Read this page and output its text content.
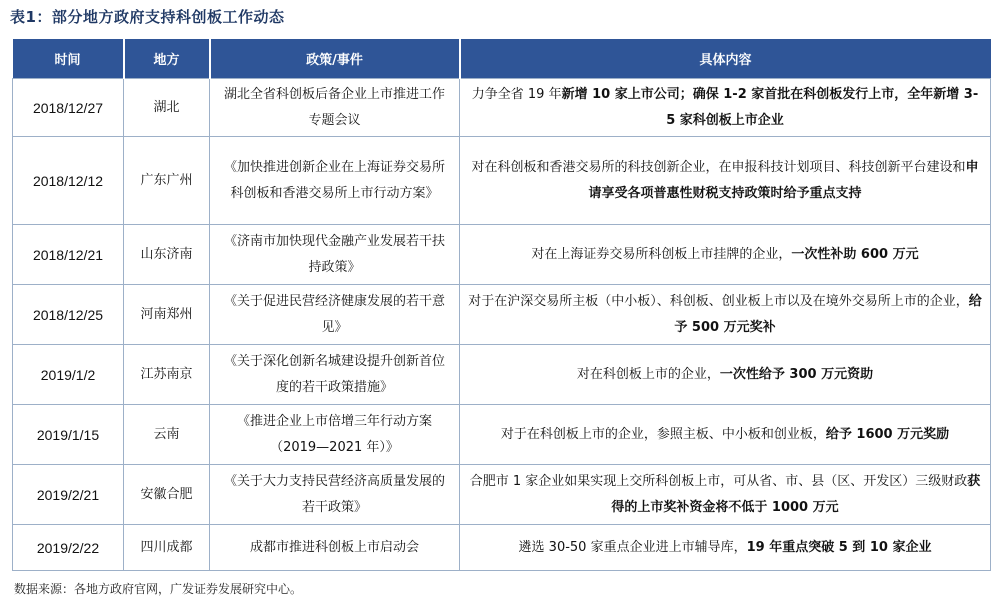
表1：部分地方政府支持科创板工作动态
时间	地方	政策/事件	具体内容
2018/12/27	湖北	湖北全省科创板后备企业上市推进工作专题会议	力争全省 19 年新增 10 家上市公司；确保 1-2 家首批在科创板发行上市，全年新增 3-5 家科创板上市企业
2018/12/12	广东广州	《加快推进创新企业在上海证券交易所科创板和香港交易所上市行动方案》	对在科创板和香港交易所的科技创新企业，在申报科技计划项目、科技创新平台建设和申请享受各项普惠性财税支持政策时给予重点支持
2018/12/21	山东济南	《济南市加快现代金融产业发展若干扶持政策》	对在上海证券交易所科创板上市挂牌的企业，一次性补助 600 万元
2018/12/25	河南郑州	《关于促进民营经济健康发展的若干意见》	对于在沪深交易所主板（中小板）、科创板、创业板上市以及在境外交易所上市的企业，给予 500 万元奖补
2019/1/2	江苏南京	《关于深化创新名城建设提升创新首位度的若干政策措施》	对在科创板上市的企业，一次性给予 300 万元资助
2019/1/15	云南	《推进企业上市倍增三年行动方案（2019—2021 年）》	对于在科创板上市的企业，参照主板、中小板和创业板，给予 1600 万元奖励
2019/2/21	安徽合肥	《关于大力支持民营经济高质量发展的若干政策》	合肥市 1 家企业如果实现上交所科创板上市，可从省、市、县（区、开发区）三级财政获得的上市奖补资金将不低于 1000 万元
2019/2/22	四川成都	成都市推进科创板上市启动会	遴选 30-50 家重点企业进上市辅导库，19 年重点突破 5 到 10 家企业
数据来源：各地方政府官网，广发证券发展研究中心。
